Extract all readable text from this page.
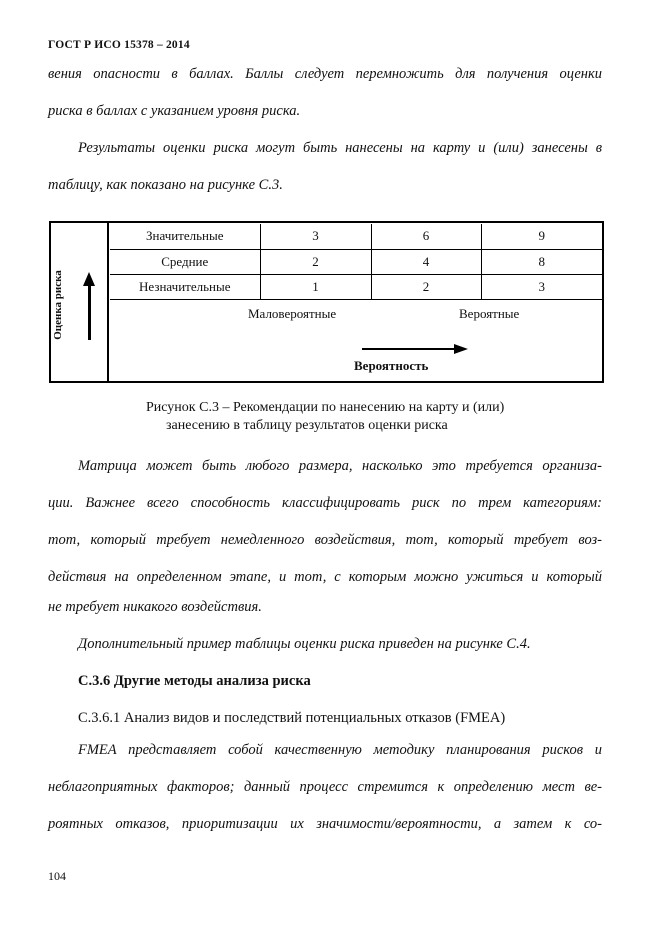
ГОСТ Р ИСО 15378 – 2014
вения опасности в баллах. Баллы следует перемножить для получения оценки
риска в баллах с указанием уровня риска.
Результаты оценки риска могут быть нанесены на карту и (или) занесены в
таблицу, как показано на рисунке С.3.
Оценка риска
Значительные	3	6	9
Средние	2	4	8
Незначительные	1	2	3
Маловероятные	Вероятные
Вероятность
Рисунок С.3 – Рекомендации по нанесению на карту и (или)
занесению в таблицу результатов оценки риска
Матрица может быть любого размера, насколько это требуется организа-
ции. Важнее всего способность классифицировать риск по трем категориям:
тот, который требует немедленного воздействия, тот, который требует воз-
действия на определенном этапе, и тот, с которым можно ужиться и который
не требует никакого воздействия.
Дополнительный пример таблицы оценки риска приведен на рисунке С.4.
С.3.6 Другие методы анализа риска
С.3.6.1 Анализ видов и последствий потенциальных отказов (FMEA)
FMEA представляет собой качественную методику планирования рисков и
неблагоприятных факторов; данный процесс стремится к определению мест ве-
роятных отказов, приоритизации их значимости/вероятности, а затем к со-
104
